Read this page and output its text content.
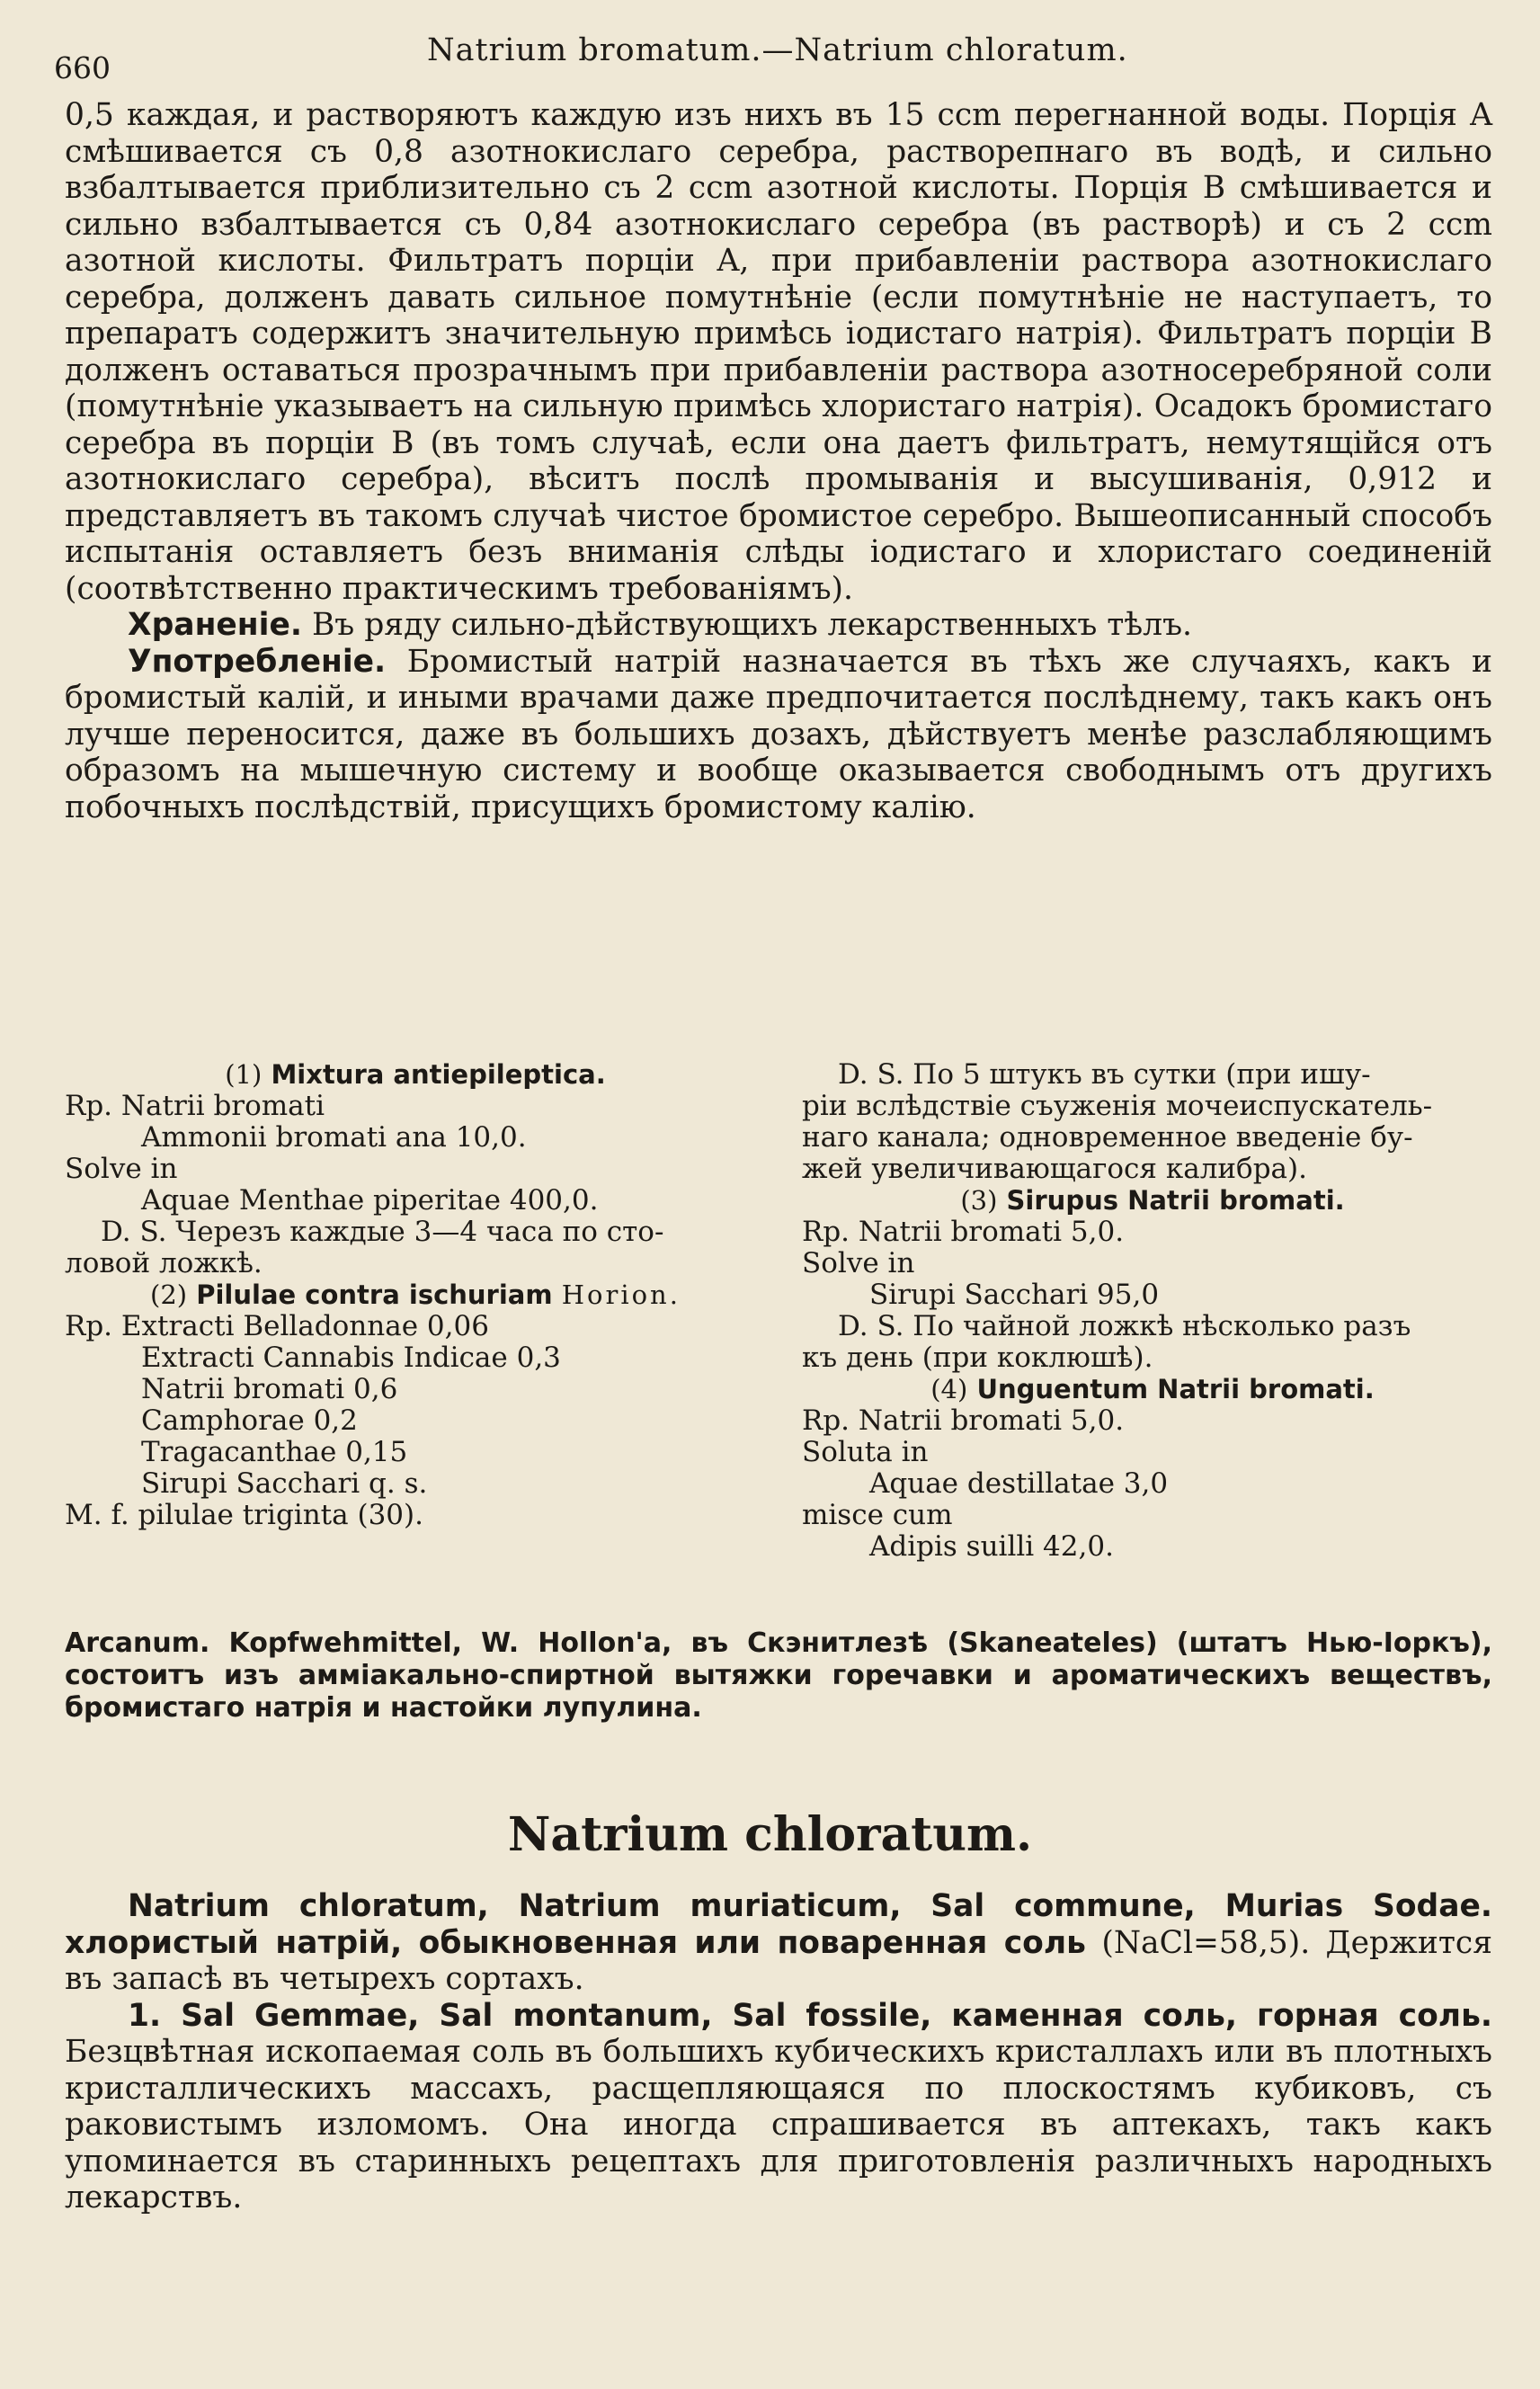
660	Natrium bromatum.—Natrium chloratum.

0,5 каждая, и растворяютъ каждую изъ нихъ въ 15 ccm перегнанной воды. Порція A смѣшивается съ 0,8 азотнокислаго серебра, растворепнаго въ водѣ, и сильно взбалтывается приблизительно съ 2 ccm азотной кислоты. Порція B смѣшивается и сильно взбалтывается съ 0,84 азотнокислаго серебра (въ растворѣ) и съ 2 ccm азотной кислоты. Фильтратъ порціи A, при прибавленіи раствора азотнокислаго серебра, долженъ давать сильное помутнѣніе (если помутнѣніе не наступаетъ, то препаратъ содержитъ значительную примѣсь іодистаго натрія). Фильтратъ порціи B долженъ оставаться прозрачнымъ при прибавленіи раствора азотносеребряной соли (помутнѣніе указываетъ на сильную примѣсь хлористаго натрія). Осадокъ бромистаго серебра въ порціи B (въ томъ случаѣ, если она даетъ фильтратъ, немутящійся отъ азотнокислаго серебра), вѣситъ послѣ промыванія и высушиванія, 0,912 и представляетъ въ такомъ случаѣ чистое бромистое серебро. Вышеописанный способъ испытанія оставляетъ безъ вниманія слѣды іодистаго и хлористаго соединеній (соотвѣтственно практическимъ требованіямъ).

Храненіе. Въ ряду сильно-дѣйствующихъ лекарственныхъ тѣлъ.

Употребленіе. Бромистый натрій назначается въ тѣхъ же случаяхъ, какъ и бромистый калій, и иными врачами даже предпочитается послѣднему, такъ какъ онъ лучше переносится, даже въ большихъ дозахъ, дѣйствуетъ менѣе разслабляющимъ образомъ на мышечную систему и вообще оказывается свободнымъ отъ другихъ побочныхъ послѣдствій, присущихъ бромистому калію.

(1) Mixtura antiepileptica.

Rp. Natrii bromati

Ammonii bromati ana 10,0.

Solve in

Aquae Menthae piperitae 400,0.

D. S. Черезъ каждые 3—4 часа по сто-

ловой ложкѣ.

(2) Pilulae contra ischuriam Horion.

Rp. Extracti Belladonnae 0,06

Extracti Cannabis Indicae 0,3

Natrii bromati 0,6

Camphorae 0,2

Tragacanthae 0,15

Sirupi Sacchari q. s.

M. f. pilulae triginta (30).

D. S. По 5 штукъ въ сутки (при ишу-

ріи вслѣдствіе съуженія мочеиспускатель-

наго канала; одновременное введеніе бу-

жей увеличивающагося калибра).

(3) Sirupus Natrii bromati.

Rp. Natrii bromati 5,0.

Solve in

Sirupi Sacchari 95,0

D. S. По чайной ложкѣ нѣсколько разъ

къ день (при коклюшѣ).

(4) Unguentum Natrii bromati.

Rp. Natrii bromati 5,0.

Soluta in

Aquae destillatae 3,0

misce cum

Adipis suilli 42,0.

Arcanum. Kopfwehmittel, W. Hollon'a, въ Скэнитлезѣ (Skaneateles) (штатъ Нью-Іоркъ), состоитъ изъ аммiакально-спиртной вытяжки горечавки и ароматическихъ веществъ, бромистаго натрія и настойки лупулина.
Natrium chloratum.

Natrium chloratum, Natrium muriaticum, Sal commune, Murias Sodae. хлористый натрій, обыкновенная или поваренная соль (NaCl=58,5). Держится въ запасѣ въ четырехъ сортахъ.

1. Sal Gemmae, Sal montanum, Sal fossile, каменная соль, горная соль. Безцвѣтная ископаемая соль въ большихъ кубическихъ кристаллахъ или въ плотныхъ кристаллическихъ массахъ, расщепляющаяся по плоскостямъ кубиковъ, съ раковистымъ изломомъ. Она иногда спрашивается въ аптекахъ, такъ какъ упоминается въ старинныхъ рецептахъ для приготовленія различныхъ народныхъ лекарствъ.
